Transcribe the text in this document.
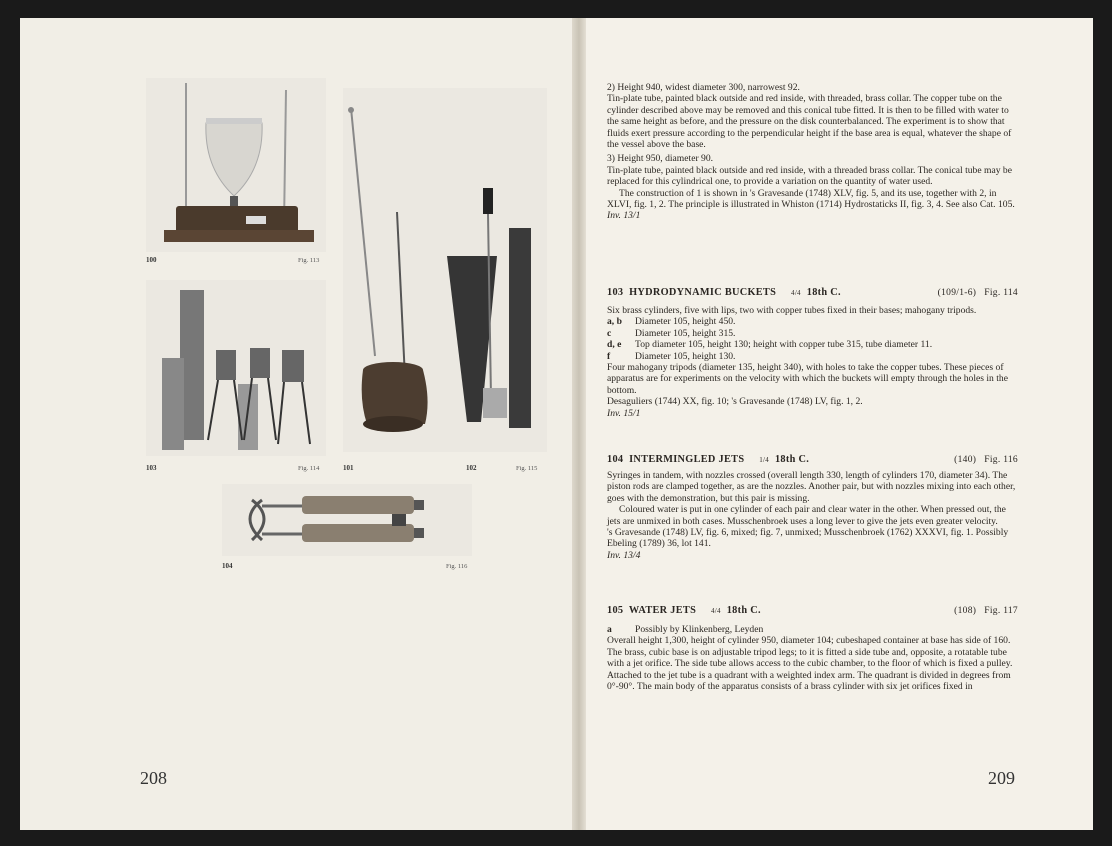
100	Fig. 113
103	Fig. 114	101	102	Fig. 115
104	Fig. 116
208	209

2) Height 940, widest diameter 300, narrowest 92.

Tin-plate tube, painted black outside and red inside, with threaded, brass collar. The copper tube on the cylinder described above may be removed and this conical tube fitted. It is then to be filled with water to the same height as before, and the pressure on the disk counterbalanced. The experiment is to show that fluids exert pressure according to the perpendicular height if the base area is equal, whatever the shape of the vessel above the base.

3) Height 950, diameter 90.

Tin-plate tube, painted black outside and red inside, with a threaded brass collar. The conical tube may be replaced for this cylindrical one, to provide a variation on the quantity of water used.

The construction of 1 is shown in 's Gravesande (1748) XLV, fig. 5, and its use, together with 2, in XLVI, fig. 1, 2. The principle is illustrated in Whiston (1714) Hydrostaticks II, fig. 3, 4. See also Cat. 105.

Inv. 13/1

103 HYDRODYNAMIC BUCKETS 4/4 18th C.	(109/1-6) Fig. 114

Six brass cylinders, five with lips, two with copper tubes fixed in their bases; mahogany tripods.

a, b	Diameter 105, height 450.
c	Diameter 105, height 315.
d, e	Top diameter 105, height 130; height with copper tube 315, tube diameter 11.
f	Diameter 105, height 130.

Four mahogany tripods (diameter 135, height 340), with holes to take the copper tubes. These pieces of apparatus are for experiments on the velocity with which the buckets will empty through the holes in the bottom.

Desaguliers (1744) XX, fig. 10; 's Gravesande (1748) LV, fig. 1, 2.

Inv. 15/1

104 INTERMINGLED JETS 1/4 18th C.	(140) Fig. 116

Syringes in tandem, with nozzles crossed (overall length 330, length of cylinders 170, diameter 34). The piston rods are clamped together, as are the nozzles. Another pair, but with nozzles mixing into each other, goes with the demonstration, but this pair is missing.

Coloured water is put in one cylinder of each pair and clear water in the other. When pressed out, the jets are unmixed in both cases. Musschenbroek uses a long lever to give the jets even greater velocity.

's Gravesande (1748) LV, fig. 6, mixed; fig. 7, unmixed; Musschenbroek (1762) XXXVI, fig. 1. Possibly Ebeling (1789) 36, lot 141.

Inv. 13/4

105 WATER JETS 4/4 18th C.	(108) Fig. 117
a	Possibly by Klinkenberg, Leyden

Overall height 1,300, height of cylinder 950, diameter 104; cubeshaped container at base has side of 160.

The brass, cubic base is on adjustable tripod legs; to it is fitted a side tube and, opposite, a rotatable tube with a jet orifice. The side tube allows access to the cubic chamber, to the floor of which is fixed a pulley. Attached to the jet tube is a quadrant with a weighted index arm. The quadrant is divided in degrees from 0°-90°. The main body of the apparatus consists of a brass cylinder with six jet orifices fixed in
